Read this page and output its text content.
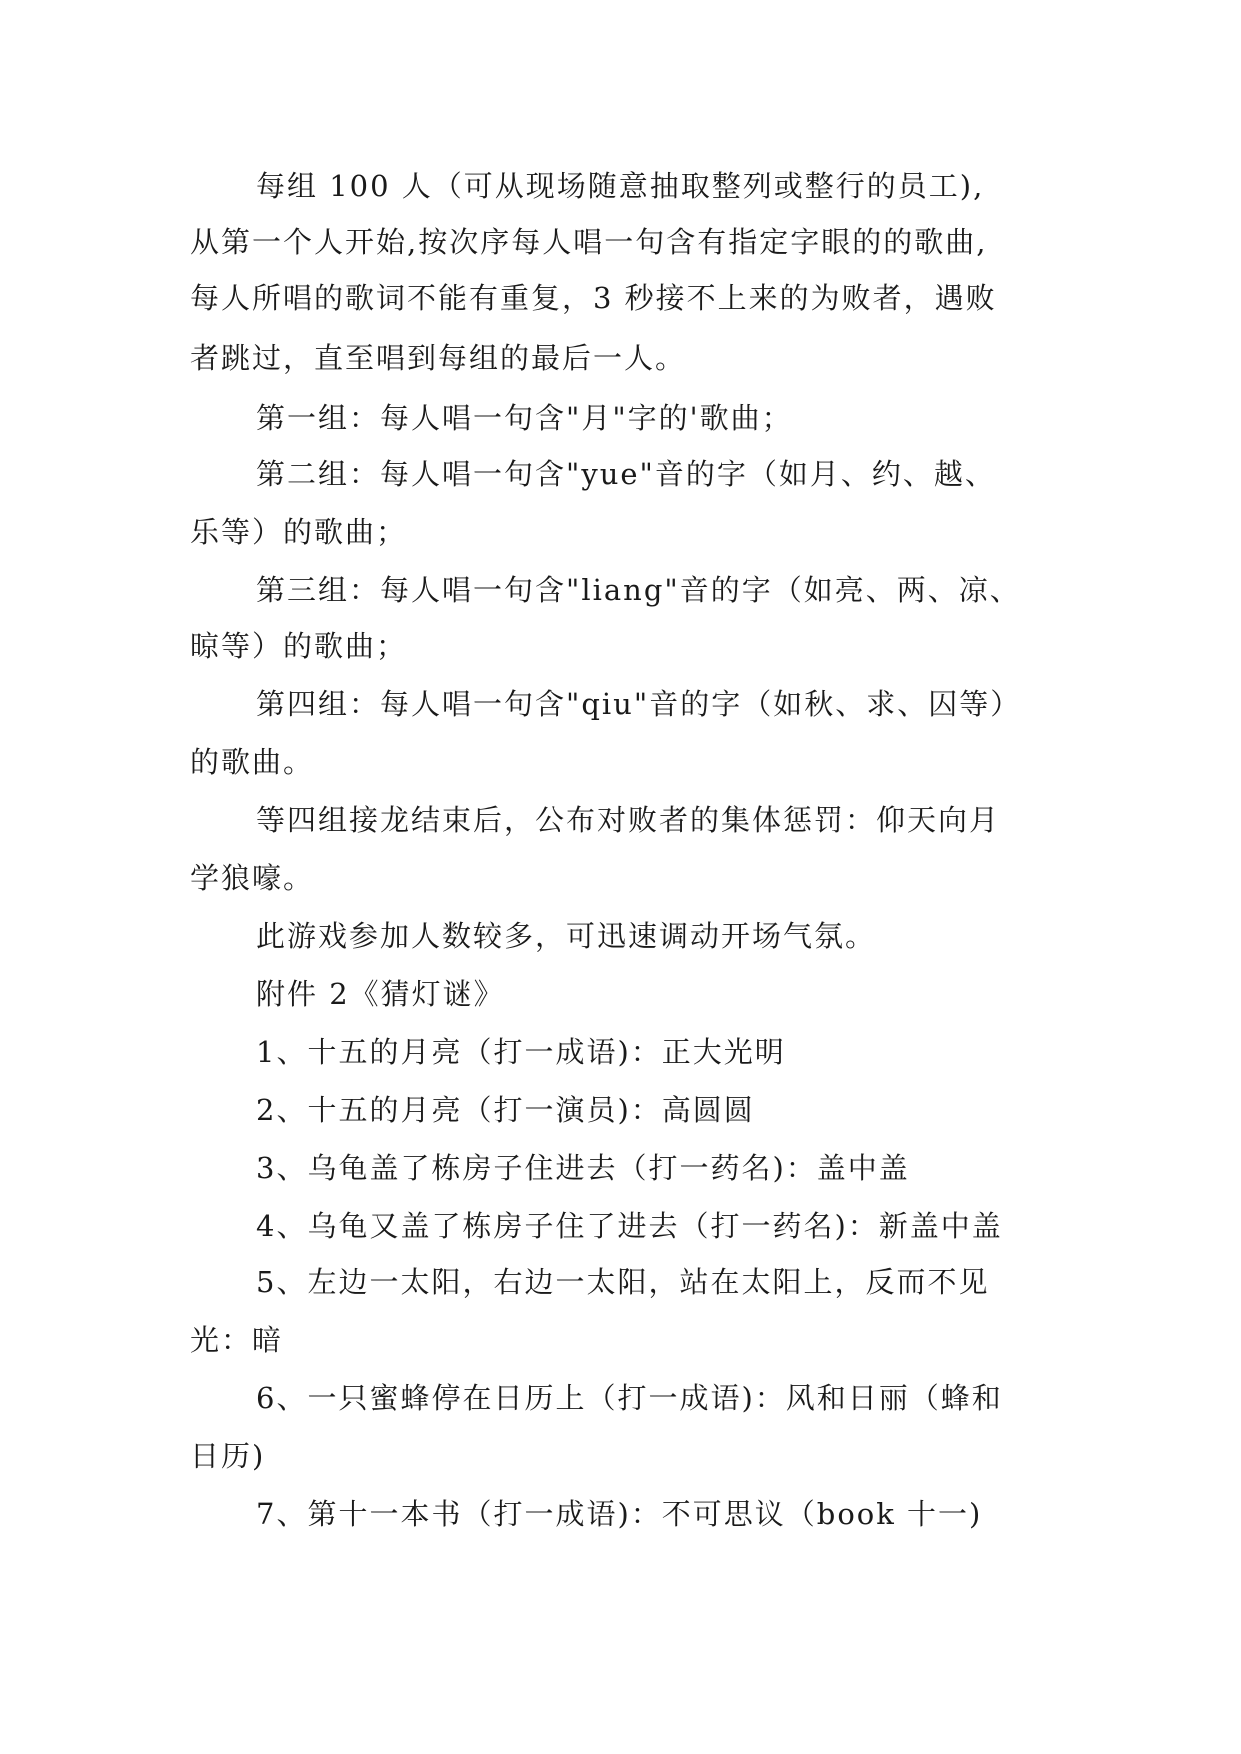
每组 100 人（可从现场随意抽取整列或整行的员工),
从第一个人开始,按次序每人唱一句含有指定字眼的的歌曲,
每人所唱的歌词不能有重复，3 秒接不上来的为败者，遇败
者跳过，直至唱到每组的最后一人。
第一组：每人唱一句含"月"字的'歌曲；
第二组：每人唱一句含"yue"音的字（如月、约、越、
乐等）的歌曲；
第三组：每人唱一句含"liang"音的字（如亮、两、凉、
晾等）的歌曲；
第四组：每人唱一句含"qiu"音的字（如秋、求、囚等）
的歌曲。
等四组接龙结束后，公布对败者的集体惩罚：仰天向月
学狼嚎。
此游戏参加人数较多，可迅速调动开场气氛。
附件 2《猜灯谜》
1、十五的月亮（打一成语)：正大光明
2、十五的月亮（打一演员)：高圆圆
3、乌龟盖了栋房子住进去（打一药名)：盖中盖
4、乌龟又盖了栋房子住了进去（打一药名)：新盖中盖
5、左边一太阳，右边一太阳，站在太阳上，反而不见
光：暗
6、一只蜜蜂停在日历上（打一成语)：风和日丽（蜂和
日历)
7、第十一本书（打一成语)：不可思议（book 十一)
